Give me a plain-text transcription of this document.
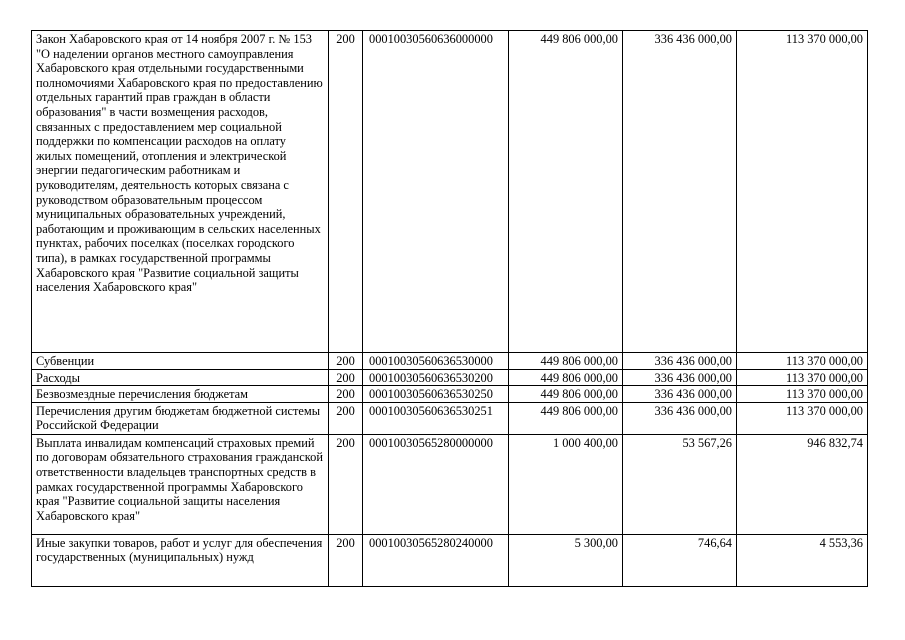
Закон Хабаровского края от 14 ноября 2007 г. № 153 "О наделении органов местного самоуправления Хабаровского края отдельными государственными полномочиями Хабаровского края по предоставлению отдельных гарантий прав граждан в области образования" в части возмещения расходов, связанных с предоставлением мер социальной поддержки по компенсации расходов на оплату жилых помещений, отопления и электрической энергии педагогическим работникам и руководителям, деятельность которых связана с руководством образовательным процессом муниципальных образовательных учреждений, работающим и проживающим в сельских населенных пунктах, рабочих поселках (поселках городского типа), в рамках государственной программы Хабаровского края "Развитие социальной защиты населения Хабаровского края"	200	00010030560636000000	449 806 000,00	336 436 000,00	113 370 000,00
Субвенции	200	00010030560636530000	449 806 000,00	336 436 000,00	113 370 000,00
Расходы	200	00010030560636530200	449 806 000,00	336 436 000,00	113 370 000,00
Безвозмездные перечисления бюджетам	200	00010030560636530250	449 806 000,00	336 436 000,00	113 370 000,00
Перечисления другим бюджетам бюджетной системы Российской Федерации	200	00010030560636530251	449 806 000,00	336 436 000,00	113 370 000,00
Выплата инвалидам компенсаций страховых премий по договорам обязательного страхования гражданской ответственности владельцев транспортных средств в рамках государственной программы Хабаровского края "Развитие социальной защиты населения Хабаровского края"	200	00010030565280000000	1 000 400,00	53 567,26	946 832,74
Иные закупки товаров, работ и услуг для обеспечения государственных (муниципальных) нужд	200	00010030565280240000	5 300,00	746,64	4 553,36
